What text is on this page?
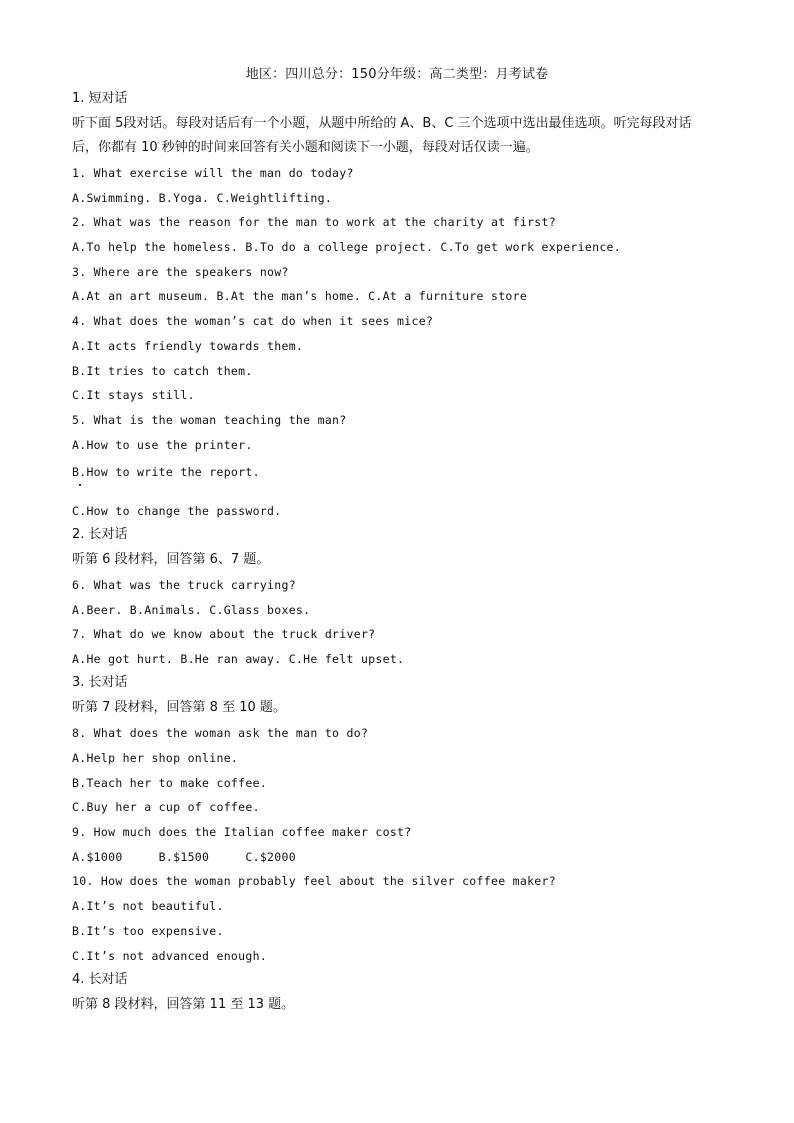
地区：四川总分：150分年级：高二类型：月考试卷
1. 短对话
听下面 5段对话。每段对话后有一个小题，从题中所给的 A、B、C 三个选项中选出最佳选项。听完每段对话
后，你都有 10 秒钟的时间来回答有关小题和阅读下一小题，每段对话仅读一遍。
1. What exercise will the man do today?
A.Swimming. B.Yoga. C.Weightlifting.
2. What was the reason for the man to work at the charity at first?
A.To help the homeless. B.To do a college project. C.To get work experience.
3. Where are the speakers now?
A.At an art museum. B.At the man’s home. C.At a furniture store
4. What does the woman’s cat do when it sees mice?
A.It acts friendly towards them.
B.It tries to catch them.
C.It stays still.
5. What is the woman teaching the man?
A.How to use the printer.
B.How to write the report.
C.How to change the password.
2. 长对话
听第 6 段材料，回答第 6、7 题。
6. What was the truck carrying?
A.Beer. B.Animals. C.Glass boxes.
7. What do we know about the truck driver?
A.He got hurt. B.He ran away. C.He felt upset.
3. 长对话
听第 7 段材料，回答第 8 至 10 题。
8. What does the woman ask the man to do?
A.Help her shop online.
B.Teach her to make coffee.
C.Buy her a cup of coffee.
9. How much does the Italian coffee maker cost?
A.$1000     B.$1500     C.$2000
10. How does the woman probably feel about the silver coffee maker?
A.It’s not beautiful.
B.It’s too expensive.
C.It’s not advanced enough.
4. 长对话
听第 8 段材料，回答第 11 至 13 题。
